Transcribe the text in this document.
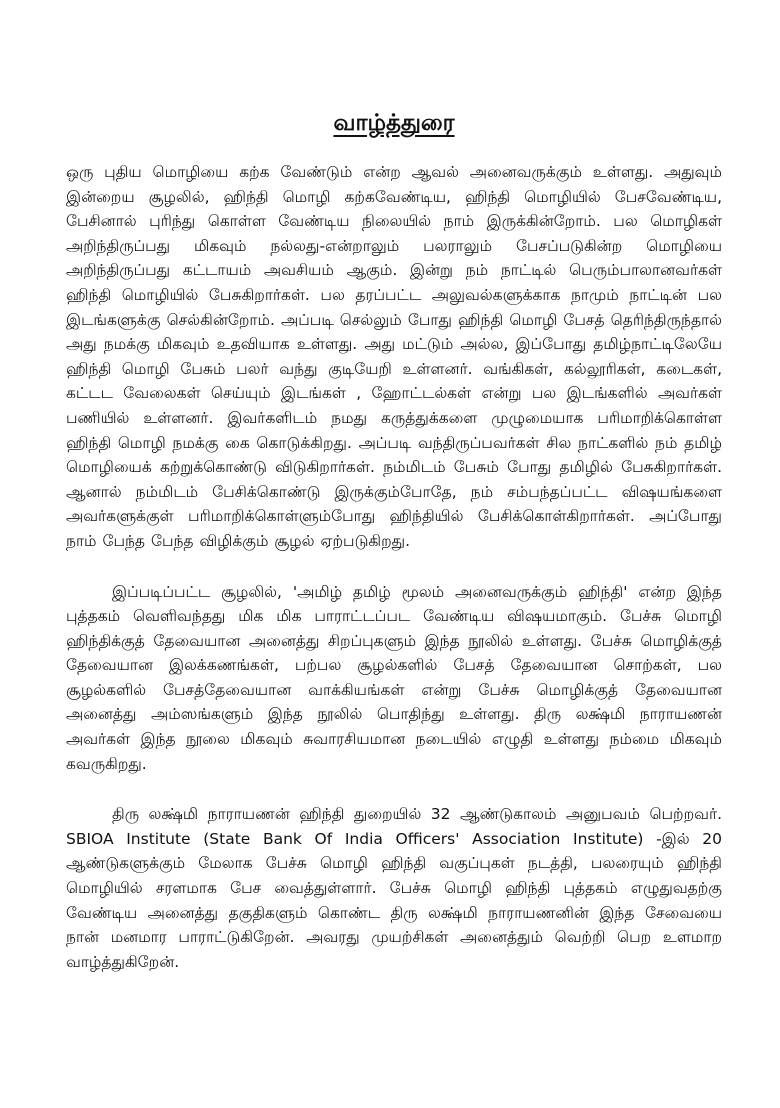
வாழ்த்துரை

ஒரு புதிய மொழியை கற்க வேண்டும் என்ற ஆவல் அனைவருக்கும் உள்ளது. அதுவும் இன்றைய சூழலில், ஹிந்தி மொழி கற்கவேண்டிய, ஹிந்தி மொழியில் பேசவேண்டிய, பேசினால் புரிந்து கொள்ள வேண்டிய நிலையில் நாம் இருக்கின்றோம். பல மொழிகள் அறிந்திருப்பது மிகவும் நல்லது-என்றாலும் பலராலும் பேசப்படுகின்ற மொழியை அறிந்திருப்பது கட்டாயம் அவசியம் ஆகும். இன்று நம் நாட்டில் பெரும்பாலானவர்கள் ஹிந்தி மொழியில் பேசுகிறார்கள். பல தரப்பட்ட அலுவல்களுக்காக நாமும் நாட்டின் பல இடங்களுக்கு செல்கின்றோம். அப்படி செல்லும் போது ஹிந்தி மொழி பேசத் தெரிந்திருந்தால் அது நமக்கு மிகவும் உதவியாக உள்ளது. அது மட்டும் அல்ல, இப்போது தமிழ்நாட்டிலேயே ஹிந்தி மொழி பேசும் பலர் வந்து குடியேறி உள்ளனர். வங்கிகள், கல்லூரிகள், கடைகள், கட்டட வேலைகள் செய்யும் இடங்கள் , ஹோட்டல்கள் என்று பல இடங்களில் அவர்கள் பணியில் உள்ளனர். இவர்களிடம் நமது கருத்துக்களை முழுமையாக பரிமாறிக்கொள்ள ஹிந்தி மொழி நமக்கு கை கொடுக்கிறது. அப்படி வந்திருப்பவர்கள் சில நாட்களில் நம் தமிழ் மொழியைக் கற்றுக்கொண்டு விடுகிறார்கள். நம்மிடம் பேசும் போது தமிழில் பேசுகிறார்கள். ஆனால் நம்மிடம் பேசிக்கொண்டு இருக்கும்போதே, நம் சம்பந்தப்பட்ட விஷயங்களை அவர்களுக்குள் பரிமாறிக்கொள்ளும்போது ஹிந்தியில் பேசிக்கொள்கிறார்கள். அப்போது நாம் பேந்த பேந்த விழிக்கும் சூழல் ஏற்படுகிறது.

இப்படிப்பட்ட சூழலில், 'அமிழ் தமிழ் மூலம் அனைவருக்கும் ஹிந்தி' என்ற இந்த புத்தகம் வெளிவந்தது மிக மிக பாராட்டப்பட வேண்டிய விஷயமாகும். பேச்சு மொழி ஹிந்திக்குத் தேவையான அனைத்து சிறப்புகளும் இந்த நூலில் உள்ளது. பேச்சு மொழிக்குத் தேவையான இலக்கணங்கள், பற்பல சூழல்களில் பேசத் தேவையான சொற்கள், பல சூழல்களில் பேசத்தேவையான வாக்கியங்கள் என்று பேச்சு மொழிக்குத் தேவையான அனைத்து அம்ஸங்களும் இந்த நூலில் பொதிந்து உள்ளது. திரு லக்ஷ்மி நாராயணன் அவர்கள் இந்த நூலை மிகவும் சுவாரசியமான நடையில் எழுதி உள்ளது நம்மை மிகவும் கவருகிறது.

திரு லக்ஷ்மி நாராயணன் ஹிந்தி துறையில் 32 ஆண்டுகாலம் அனுபவம் பெற்றவர். SBIOA Institute (State Bank Of India Officers' Association Institute) -இல் 20 ஆண்டுகளுக்கும் மேலாக பேச்சு மொழி ஹிந்தி வகுப்புகள் நடத்தி, பலரையும் ஹிந்தி மொழியில் சரளமாக பேச வைத்துள்ளார். பேச்சு மொழி ஹிந்தி புத்தகம் எழுதுவதற்கு வேண்டிய அனைத்து தகுதிகளும் கொண்ட திரு லக்ஷ்மி நாராயணனின் இந்த சேவையை நான் மனமார பாராட்டுகிறேன். அவரது முயற்சிகள் அனைத்தும் வெற்றி பெற உளமாற வாழ்த்துகிறேன்.
